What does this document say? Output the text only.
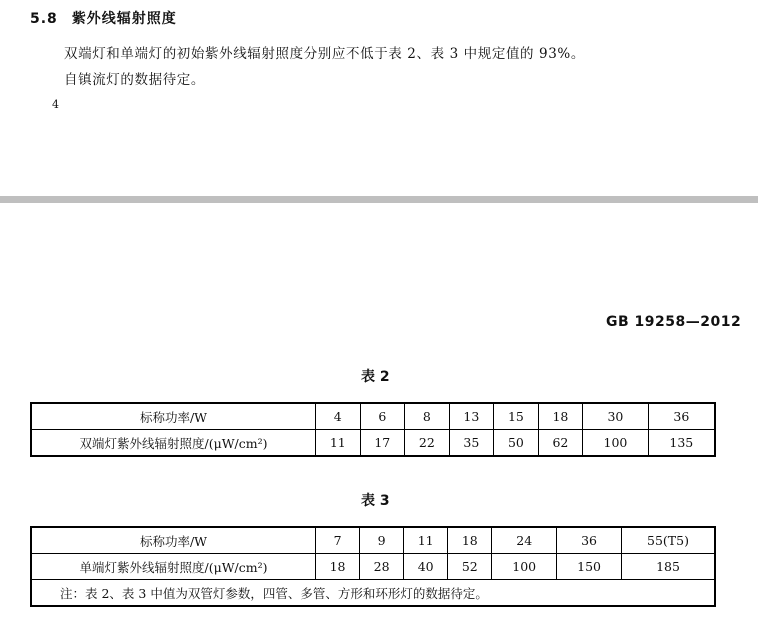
5.8 紫外线辐射照度
双端灯和单端灯的初始紫外线辐射照度分别应不低于表 2、表 3 中规定值的 93%。
自镇流灯的数据待定。
4
GB 19258—2012
表 2
标称功率/W	4	6	8	13	15	18	30	36
双端灯紫外线辐射照度/(μW/cm²)	11	17	22	35	50	62	100	135
表 3
标称功率/W	7	9	11	18	24	36	55(T5)
单端灯紫外线辐射照度/(μW/cm²)	18	28	40	52	100	150	185
注：表 2、表 3 中值为双管灯参数，四管、多管、方形和环形灯的数据待定。							
